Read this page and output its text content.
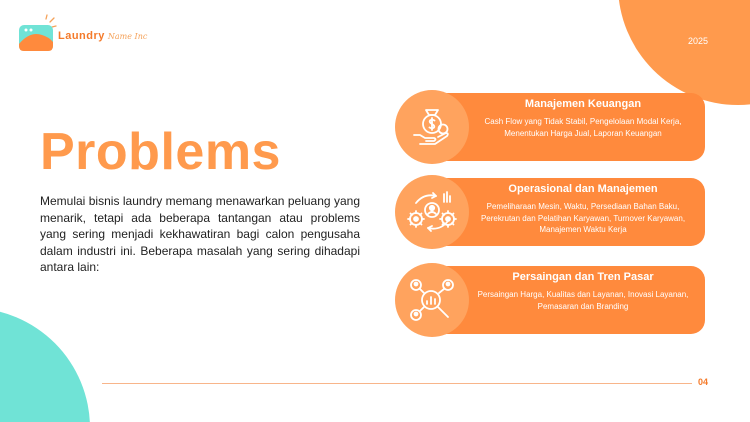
Laundry Name Inc	2025
Problems
Memulai bisnis laundry memang menawarkan peluang yang menarik, tetapi ada beberapa tantangan atau problems yang sering menjadi kekhawatiran bagi calon pengusaha dalam industri ini. Beberapa masalah yang sering dihadapi antara lain:
Manajemen Keuangan
Cash Flow yang Tidak Stabil, Pengelolaan Modal Kerja, Menentukan Harga Jual, Laporan Keuangan
Operasional dan Manajemen
Pemeliharaan Mesin, Waktu, Persediaan Bahan Baku, Perekrutan dan Pelatihan Karyawan, Turnover Karyawan, Manajemen Waktu Kerja
Persaingan dan Tren Pasar
Persaingan Harga, Kualitas dan Layanan, Inovasi Layanan, Pemasaran dan Branding
04
